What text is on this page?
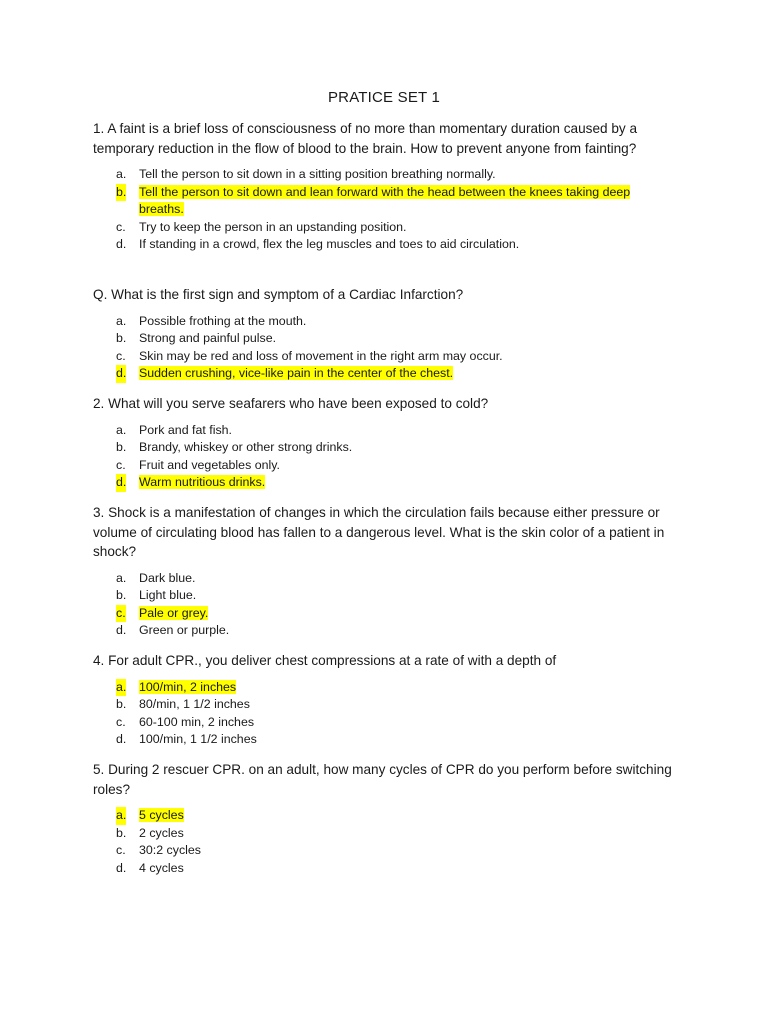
PRATICE SET 1

1. A faint is a brief loss of consciousness of no more than momentary duration caused by a temporary reduction in the flow of blood to the brain. How to prevent anyone from fainting?

a. Tell the person to sit down in a sitting position breathing normally.
b. Tell the person to sit down and lean forward with the head between the knees taking deep breaths.
c. Try to keep the person in an upstanding position.
d. If standing in a crowd, flex the leg muscles and toes to aid circulation.

Q. What is the first sign and symptom of a Cardiac Infarction?

a. Possible frothing at the mouth.
b. Strong and painful pulse.
c. Skin may be red and loss of movement in the right arm may occur.
d. Sudden crushing, vice-like pain in the center of the chest.

2. What will you serve seafarers who have been exposed to cold?

a. Pork and fat fish.
b. Brandy, whiskey or other strong drinks.
c. Fruit and vegetables only.
d. Warm nutritious drinks.

3. Shock is a manifestation of changes in which the circulation fails because either pressure or volume of circulating blood has fallen to a dangerous level. What is the skin color of a patient in shock?

a. Dark blue.
b. Light blue.
c. Pale or grey.
d. Green or purple.

4. For adult CPR., you deliver chest compressions at a rate of with a depth of

a. 100/min, 2 inches
b. 80/min, 1 1/2 inches
c. 60-100 min, 2 inches
d. 100/min, 1 1/2 inches

5. During 2 rescuer CPR. on an adult, how many cycles of CPR do you perform before switching roles?

a. 5 cycles
b. 2 cycles
c. 30:2 cycles
d. 4 cycles
